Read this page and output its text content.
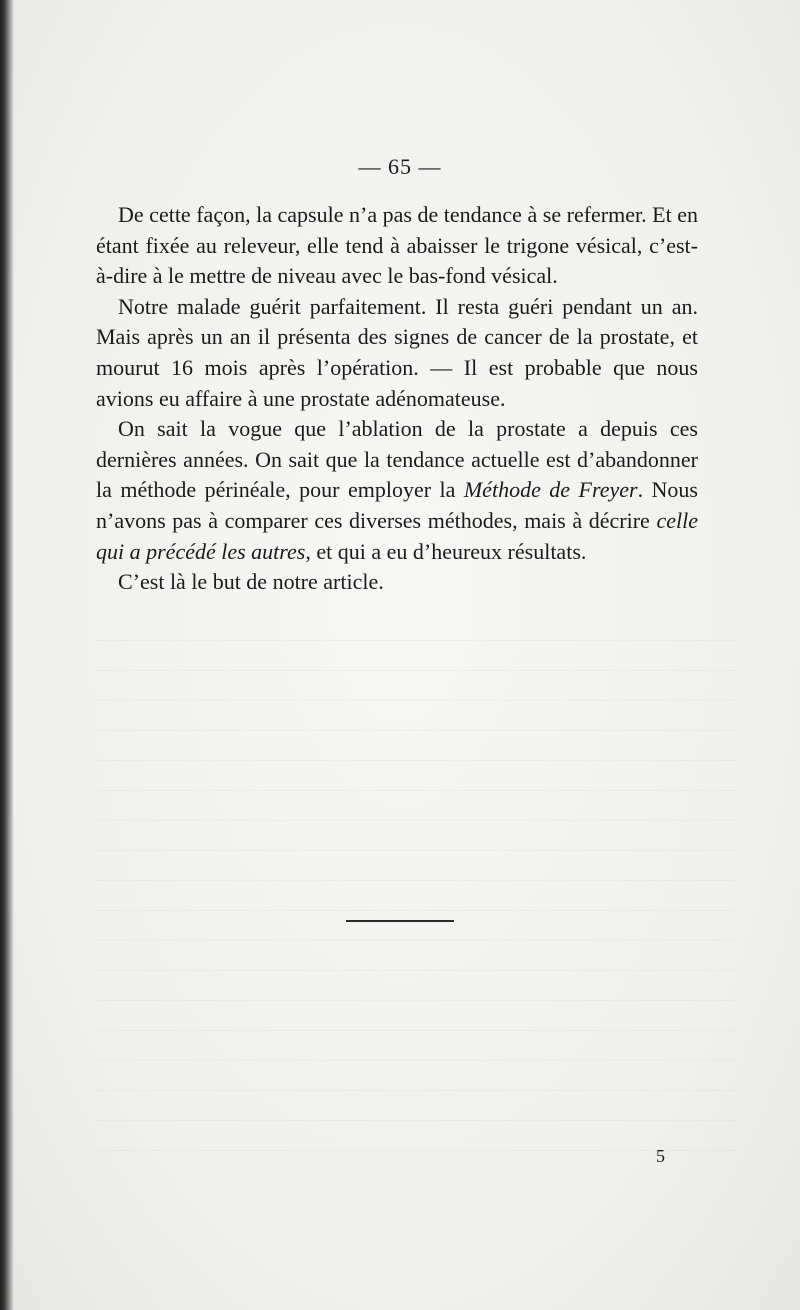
— 65 —

De cette façon, la capsule n’a pas de tendance à se refermer. Et en étant fixée au releveur, elle tend à abaisser le trigone vésical, c’est-à-dire à le mettre de niveau avec le bas-fond vésical.

Notre malade guérit parfaitement. Il resta guéri pendant un an. Mais après un an il présenta des signes de cancer de la prostate, et mourut 16 mois après l’opération. — Il est probable que nous avions eu affaire à une prostate adénomateuse.

On sait la vogue que l’ablation de la prostate a depuis ces dernières années. On sait que la tendance actuelle est d’abandonner la méthode périnéale, pour employer la Méthode de Freyer. Nous n’avons pas à comparer ces diverses méthodes, mais à décrire celle qui a précédé les autres, et qui a eu d’heureux résultats.

C’est là le but de notre article.

5
